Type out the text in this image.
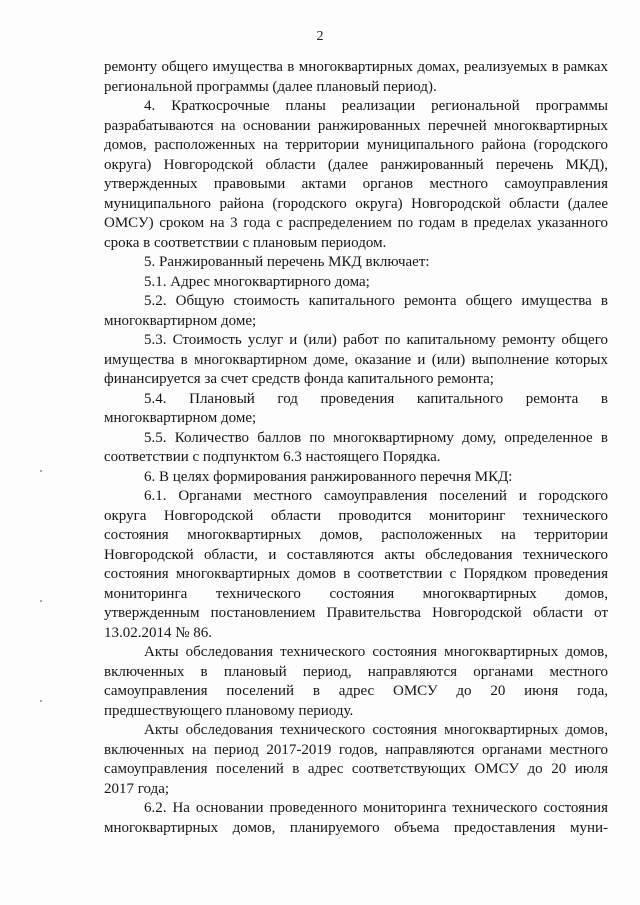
2
ремонту общего имущества в многоквартирных домах, реализуемых в рамках
региональной программы (далее плановый период).
4. Краткосрочные планы реализации региональной программы
разрабатываются на основании ранжированных перечней многоквартирных
домов, расположенных на территории муниципального района (городского
округа) Новгородской области (далее ранжированный перечень МКД),
утвержденных правовыми актами органов местного самоуправления
муниципального района (городского округа) Новгородской области (далее
ОМСУ) сроком на 3 года с распределением по годам в пределах указанного
срока в соответствии с плановым периодом.
5. Ранжированный перечень МКД включает:
5.1. Адрес многоквартирного дома;
5.2. Общую стоимость капитального ремонта общего имущества в
многоквартирном доме;
5.3. Стоимость услуг и (или) работ по капитальному ремонту общего
имущества в многоквартирном доме, оказание и (или) выполнение которых
финансируется за счет средств фонда капитального ремонта;
5.4. Плановый год проведения капитального ремонта в
многоквартирном доме;
5.5. Количество баллов по многоквартирному дому, определенное в
соответствии с подпунктом 6.3 настоящего Порядка.
6. В целях формирования ранжированного перечня МКД:
6.1. Органами местного самоуправления поселений и городского
округа Новгородской области проводится мониторинг технического
состояния многоквартирных домов, расположенных на территории
Новгородской области, и составляются акты обследования технического
состояния многоквартирных домов в соответствии с Порядком проведения
мониторинга технического состояния многоквартирных домов,
утвержденным постановлением Правительства Новгородской области от
13.02.2014 № 86.
Акты обследования технического состояния многоквартирных домов,
включенных в плановый период, направляются органами местного
самоуправления поселений в адрес ОМСУ до 20 июня года,
предшествующего плановому периоду.
Акты обследования технического состояния многоквартирных домов,
включенных на период 2017-2019 годов, направляются органами местного
самоуправления поселений в адрес соответствующих ОМСУ до 20 июля
2017 года;
6.2. На основании проведенного мониторинга технического состояния
многоквартирных домов, планируемого объема предоставления муни-
